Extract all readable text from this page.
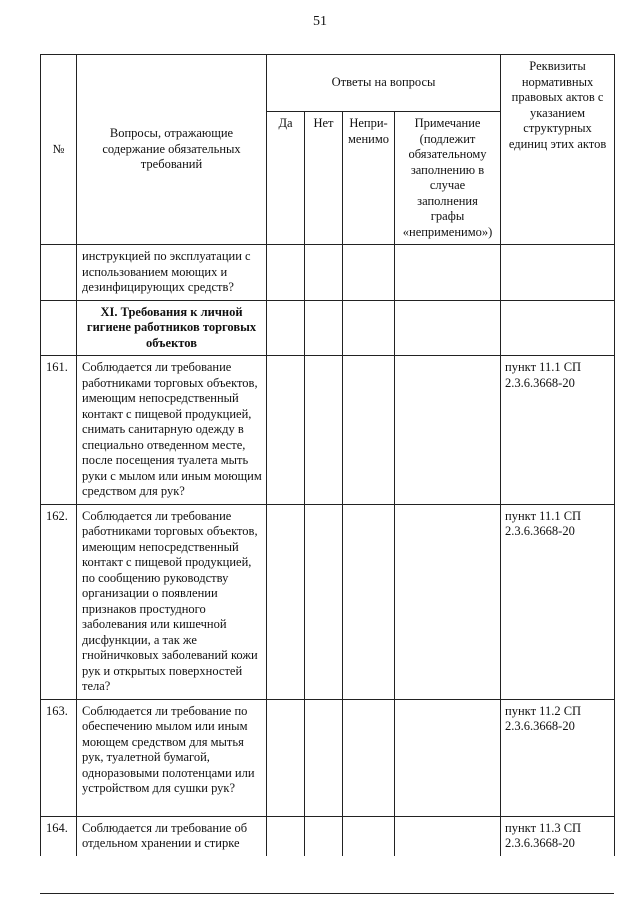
51
№	Вопросы, отражающие содержание обязательных требований	Ответы на вопросы				Реквизиты нормативных правовых актов с указанием структурных единиц этих актов
		Да	Нет	Непри-менимо	Примечание (подлежит обязательному заполнению в случае заполнения графы «неприменимо»)	
	инструкцией по эксплуатации с использованием моющих и дезинфицирующих средств?					
	XI. Требования к личной гигиене работников торговых объектов					
161.	Соблюдается ли требование работниками торговых объектов, имеющим непосредственный контакт с пищевой продукцией, снимать санитарную одежду в специально отведенном месте, после посещения туалета мыть руки с мылом или иным моющим средством для рук?					пункт 11.1 СП 2.3.6.3668-20
162.	Соблюдается ли требование работниками торговых объектов, имеющим непосредственный контакт с пищевой продукцией, по сообщению руководству организации о появлении признаков простудного заболевания или кишечной дисфункции, а так же гнойничковых заболеваний кожи рук и открытых поверхностей тела?					пункт 11.1 СП 2.3.6.3668-20
163.	Соблюдается ли требование по обеспечению мылом или иным моющем средством для мытья рук, туалетной бумагой, одноразовыми полотенцами или устройством для сушки рук?					пункт 11.2 СП 2.3.6.3668-20
164.	Соблюдается ли требование об отдельном хранении и стирке					пункт 11.3 СП 2.3.6.3668-20
